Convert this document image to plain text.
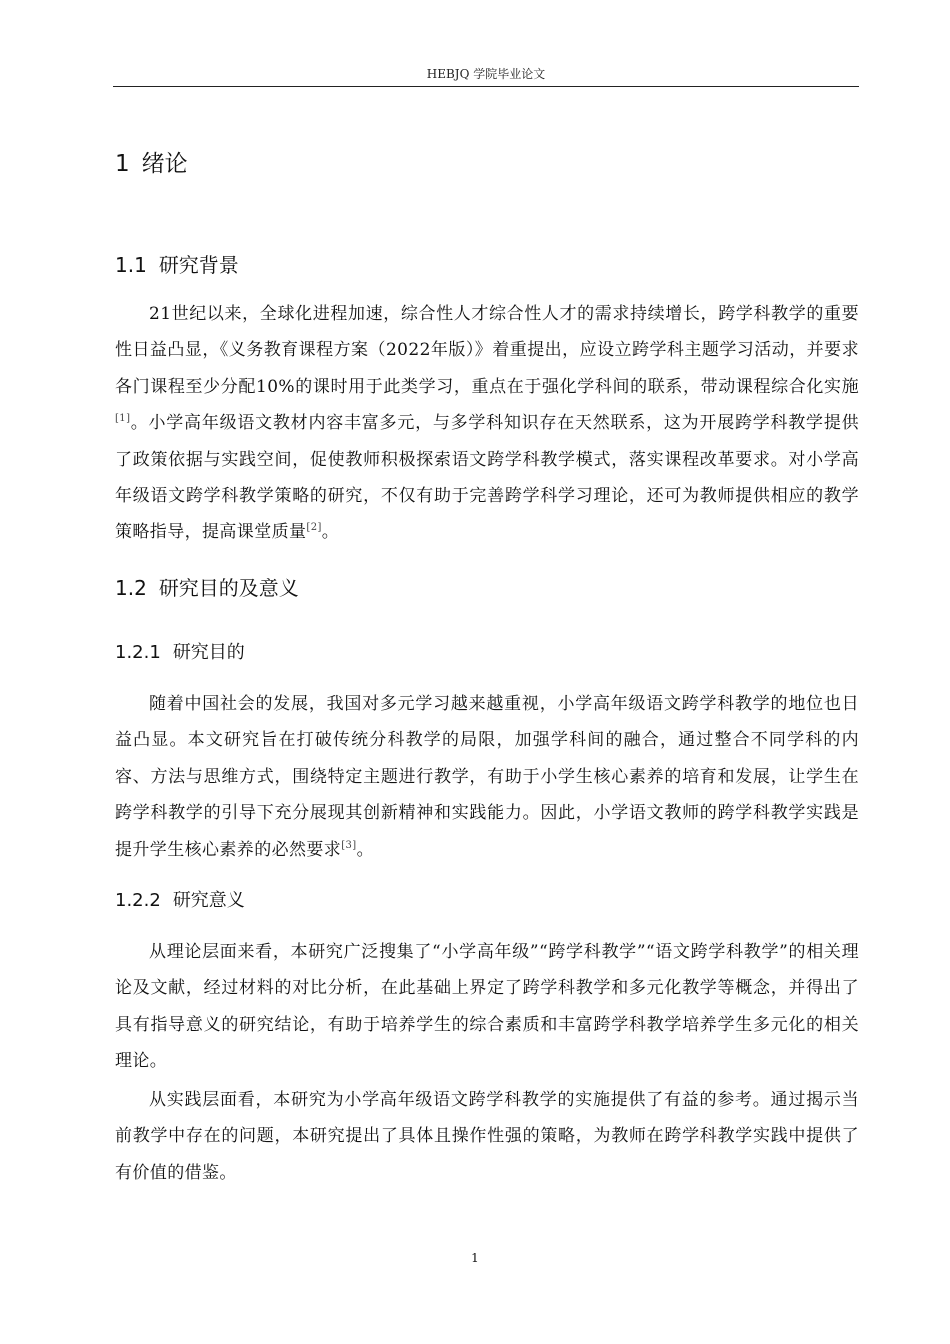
HEBJQ 学院毕业论文
1 绪论
1.1 研究背景

21世纪以来，全球化进程加速，综合性人才综合性人才的需求持续增长，跨学科教学的重要性日益凸显，《义务教育课程方案（2022年版）》着重提出，应设立跨学科主题学习活动，并要求各门课程至少分配10%的课时用于此类学习，重点在于强化学科间的联系，带动课程综合化实施[1]。小学高年级语文教材内容丰富多元，与多学科知识存在天然联系，这为开展跨学科教学提供了政策依据与实践空间，促使教师积极探索语文跨学科教学模式，落实课程改革要求。对小学高年级语文跨学科教学策略的研究，不仅有助于完善跨学科学习理论，还可为教师提供相应的教学策略指导，提高课堂质量[2]。

1.2 研究目的及意义
1.2.1 研究目的

随着中国社会的发展，我国对多元学习越来越重视，小学高年级语文跨学科教学的地位也日益凸显。本文研究旨在打破传统分科教学的局限，加强学科间的融合，通过整合不同学科的内容、方法与思维方式，围绕特定主题进行教学，有助于小学生核心素养的培育和发展，让学生在跨学科教学的引导下充分展现其创新精神和实践能力。因此，小学语文教师的跨学科教学实践是提升学生核心素养的必然要求[3]。

1.2.2 研究意义

从理论层面来看，本研究广泛搜集了“小学高年级”“跨学科教学”“语文跨学科教学”的相关理论及文献，经过材料的对比分析，在此基础上界定了跨学科教学和多元化教学等概念，并得出了具有指导意义的研究结论，有助于培养学生的综合素质和丰富跨学科教学培养学生多元化的相关理论。

从实践层面看，本研究为小学高年级语文跨学科教学的实施提供了有益的参考。通过揭示当前教学中存在的问题，本研究提出了具体且操作性强的策略，为教师在跨学科教学实践中提供了有价值的借鉴。

1
